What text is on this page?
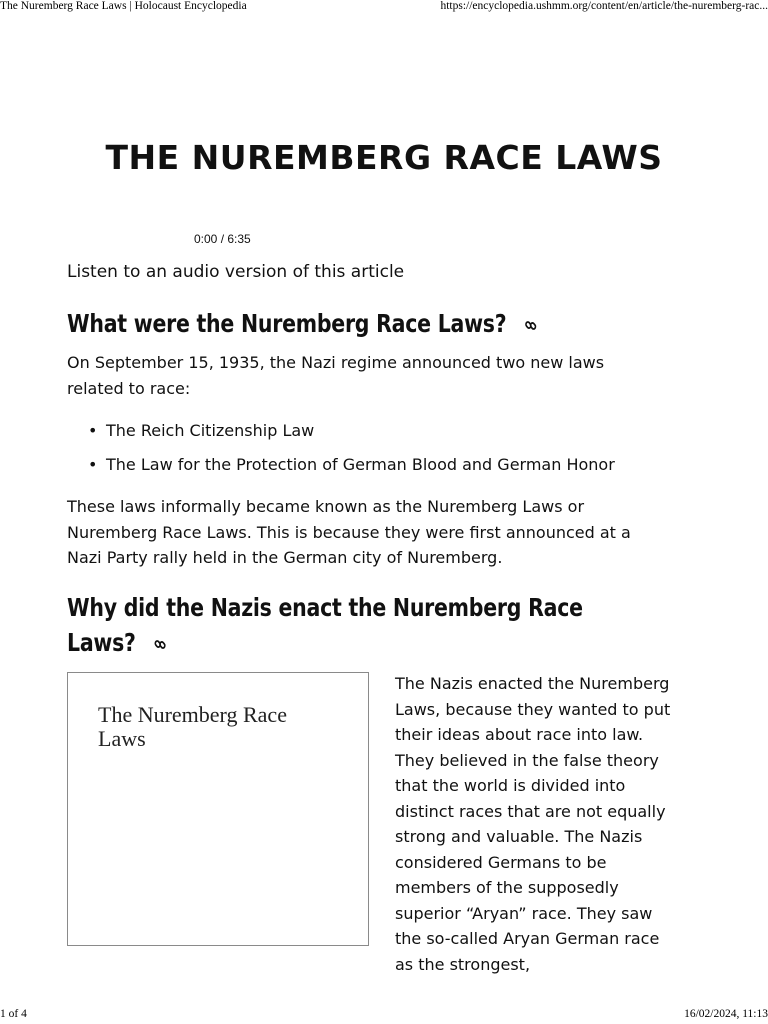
The Nuremberg Race Laws | Holocaust Encyclopedia	https://encyclopedia.ushmm.org/content/en/article/the-nuremberg-rac...
THE NUREMBERG RACE LAWS
0:00 / 6:35
Listen to an audio version of this article
What were the Nuremberg Race Laws?
On September 15, 1935, the Nazi regime announced two new laws related to race:
• The Reich Citizenship Law
• The Law for the Protection of German Blood and German Honor
These laws informally became known as the Nuremberg Laws or Nuremberg Race Laws. This is because they were first announced at a Nazi Party rally held in the German city of Nuremberg.
Why did the Nazis enact the Nuremberg Race
Laws?
The Nuremberg Race Laws
The Nazis enacted the Nuremberg Laws, because they wanted to put their ideas about race into law. They believed in the false theory that the world is divided into distinct races that are not equally strong and valuable. The Nazis considered Germans to be members of the supposedly superior “Aryan” race. They saw the so-called Aryan German race as the strongest,
1 of 4	16/02/2024, 11:13
